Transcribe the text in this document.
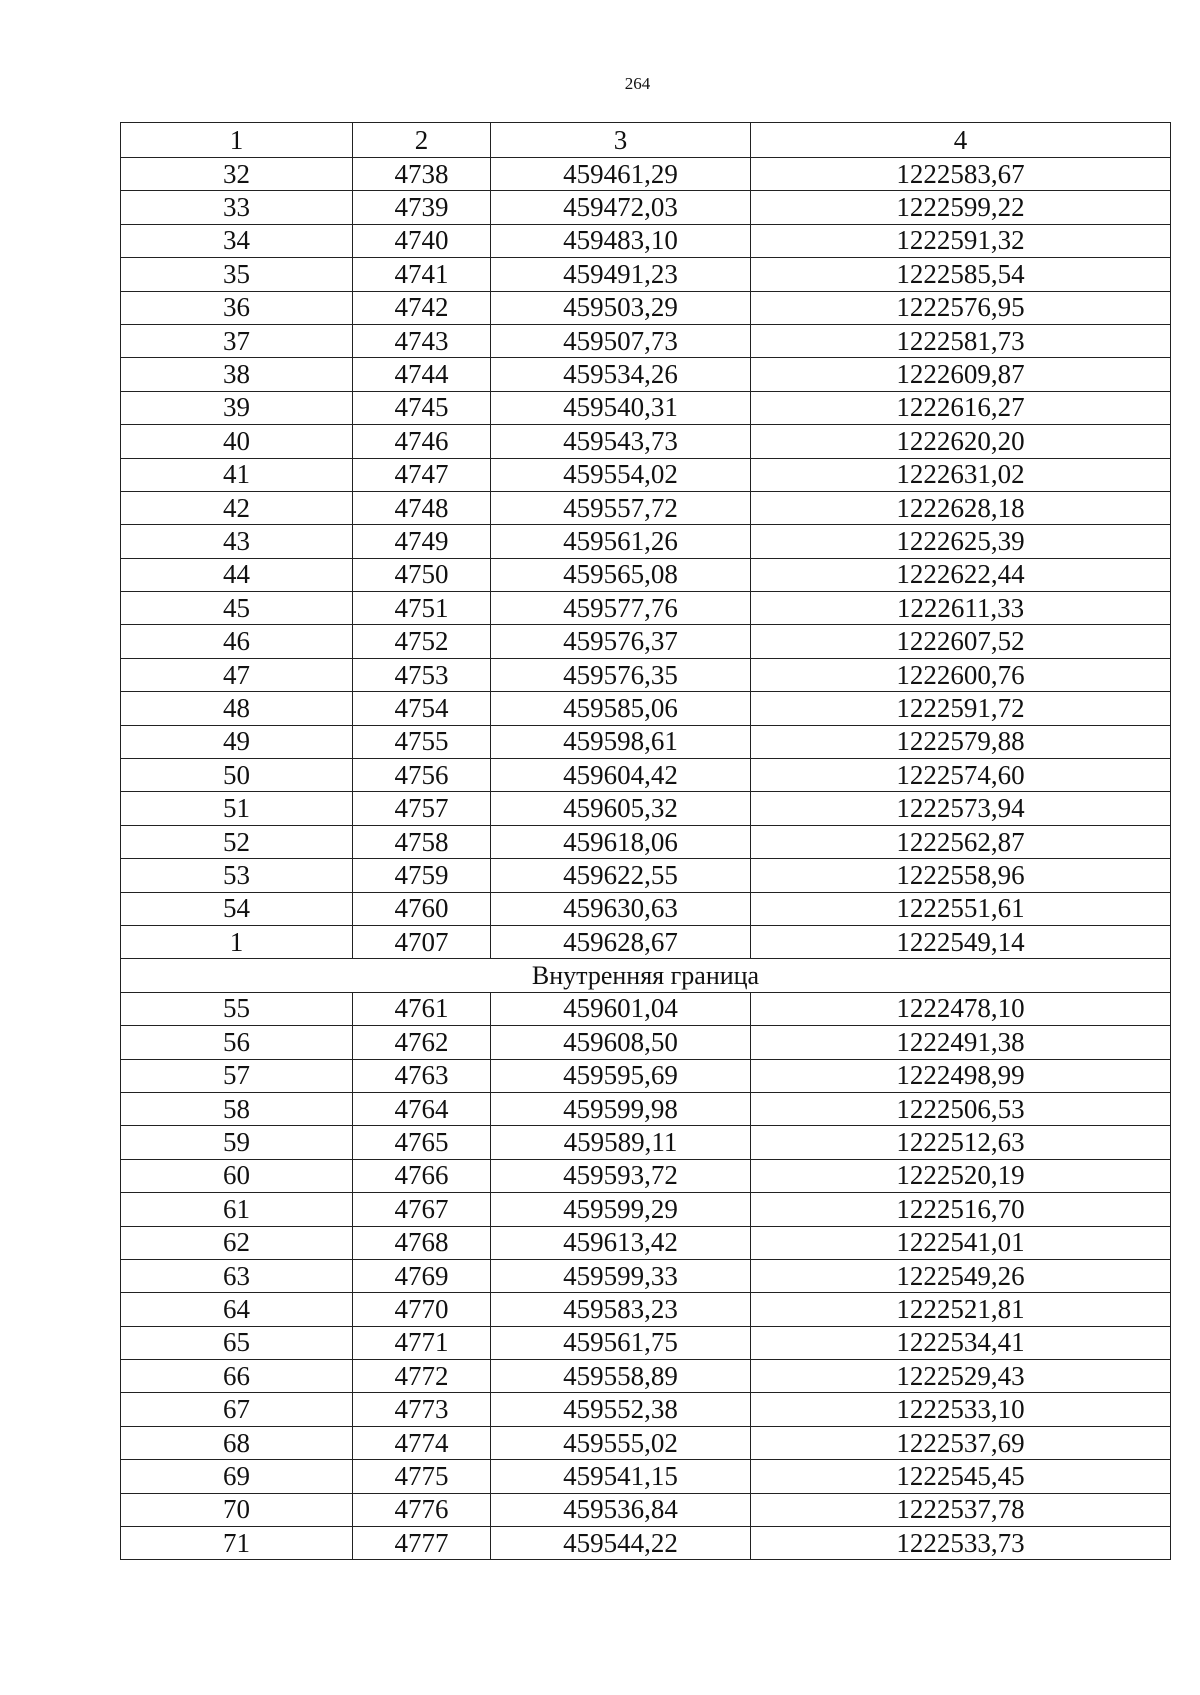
264
1	2	3	4
32	4738	459461,29	1222583,67
33	4739	459472,03	1222599,22
34	4740	459483,10	1222591,32
35	4741	459491,23	1222585,54
36	4742	459503,29	1222576,95
37	4743	459507,73	1222581,73
38	4744	459534,26	1222609,87
39	4745	459540,31	1222616,27
40	4746	459543,73	1222620,20
41	4747	459554,02	1222631,02
42	4748	459557,72	1222628,18
43	4749	459561,26	1222625,39
44	4750	459565,08	1222622,44
45	4751	459577,76	1222611,33
46	4752	459576,37	1222607,52
47	4753	459576,35	1222600,76
48	4754	459585,06	1222591,72
49	4755	459598,61	1222579,88
50	4756	459604,42	1222574,60
51	4757	459605,32	1222573,94
52	4758	459618,06	1222562,87
53	4759	459622,55	1222558,96
54	4760	459630,63	1222551,61
1	4707	459628,67	1222549,14
Внутренняя граница			
55	4761	459601,04	1222478,10
56	4762	459608,50	1222491,38
57	4763	459595,69	1222498,99
58	4764	459599,98	1222506,53
59	4765	459589,11	1222512,63
60	4766	459593,72	1222520,19
61	4767	459599,29	1222516,70
62	4768	459613,42	1222541,01
63	4769	459599,33	1222549,26
64	4770	459583,23	1222521,81
65	4771	459561,75	1222534,41
66	4772	459558,89	1222529,43
67	4773	459552,38	1222533,10
68	4774	459555,02	1222537,69
69	4775	459541,15	1222545,45
70	4776	459536,84	1222537,78
71	4777	459544,22	1222533,73
